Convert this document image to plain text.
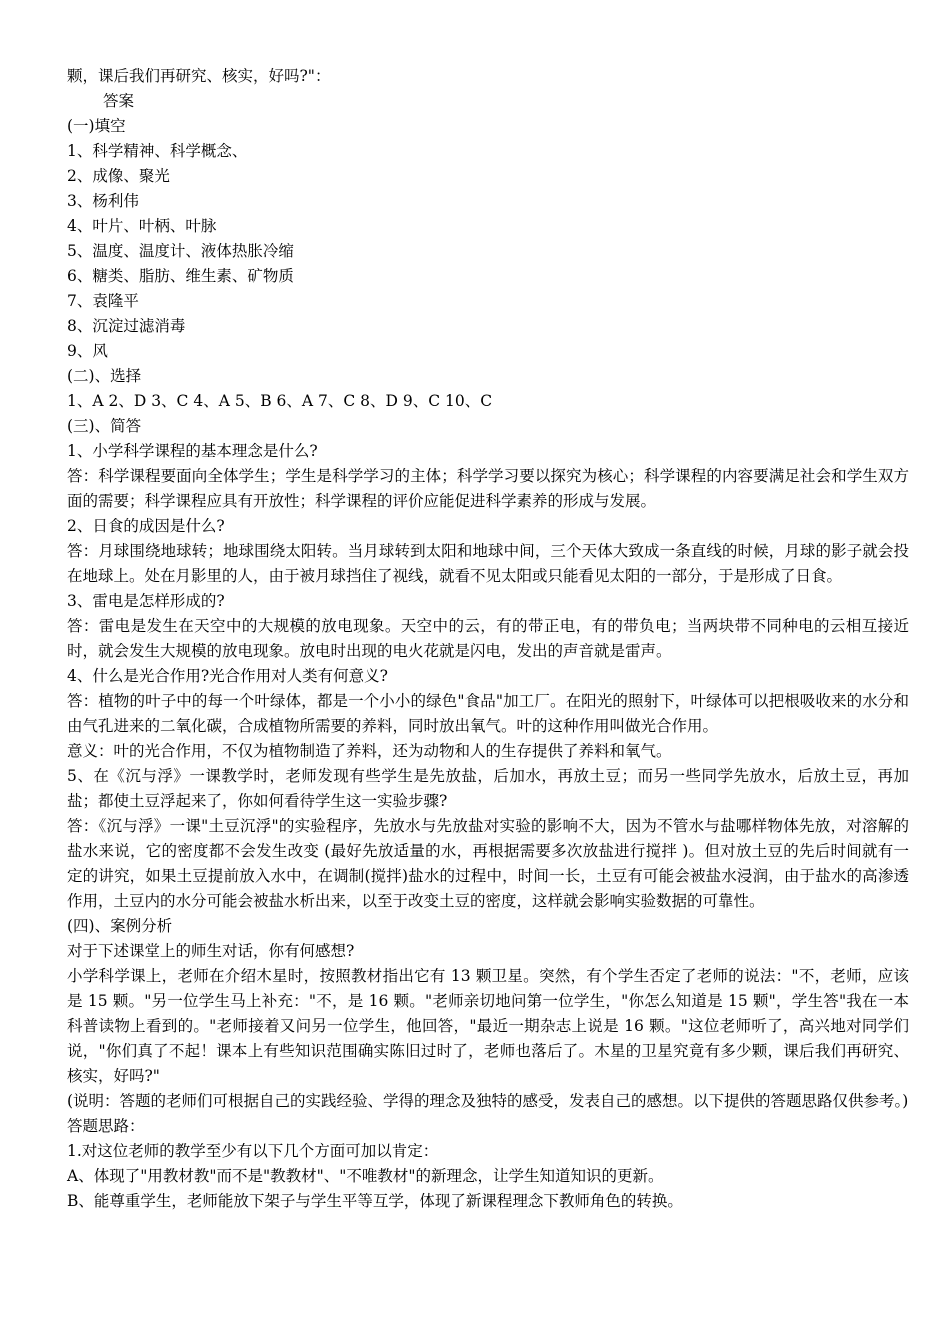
颗，课后我们再研究、核实，好吗?"：

答案

(一)填空

1、科学精神、科学概念、

2、成像、聚光

3、杨利伟

4、叶片、叶柄、叶脉

5、温度、温度计、液体热胀冷缩

6、糖类、脂肪、维生素、矿物质

7、袁隆平

8、沉淀过滤消毒

9、风

(二)、选择

1、A 2、D 3、C 4、A 5、B 6、A 7、C 8、D 9、C 10、C

(三)、简答

1、小学科学课程的基本理念是什么?

答：科学课程要面向全体学生；学生是科学学习的主体；科学学习要以探究为核心；科学课程的内容要满足社会和学生双方面的需要；科学课程应具有开放性；科学课程的评价应能促进科学素养的形成与发展。

2、日食的成因是什么?

答：月球围绕地球转；地球围绕太阳转。当月球转到太阳和地球中间，三个天体大致成一条直线的时候，月球的影子就会投在地球上。处在月影里的人，由于被月球挡住了视线，就看不见太阳或只能看见太阳的一部分，于是形成了日食。

3、雷电是怎样形成的?

答：雷电是发生在天空中的大规模的放电现象。天空中的云，有的带正电，有的带负电；当两块带不同种电的云相互接近时，就会发生大规模的放电现象。放电时出现的电火花就是闪电，发出的声音就是雷声。

4、什么是光合作用?光合作用对人类有何意义?

答：植物的叶子中的每一个叶绿体，都是一个小小的绿色"食品"加工厂。在阳光的照射下，叶绿体可以把根吸收来的水分和由气孔进来的二氧化碳，合成植物所需要的养料，同时放出氧气。叶的这种作用叫做光合作用。

意义：叶的光合作用，不仅为植物制造了养料，还为动物和人的生存提供了养料和氧气。

5、在《沉与浮》一课教学时，老师发现有些学生是先放盐，后加水，再放土豆；而另一些同学先放水，后放土豆，再加盐；都使土豆浮起来了，你如何看待学生这一实验步骤?

答：《沉与浮》一课"土豆沉浮"的实验程序，先放水与先放盐对实验的影响不大，因为不管水与盐哪样物体先放，对溶解的盐水来说，它的密度都不会发生改变 (最好先放适量的水，再根据需要多次放盐进行搅拌 )。但对放土豆的先后时间就有一定的讲究，如果土豆提前放入水中，在调制(搅拌)盐水的过程中，时间一长，土豆有可能会被盐水浸润，由于盐水的高渗透作用，土豆内的水分可能会被盐水析出来，以至于改变土豆的密度，这样就会影响实验数据的可靠性。

(四)、案例分析

对于下述课堂上的师生对话，你有何感想?

小学科学课上，老师在介绍木星时，按照教材指出它有 13 颗卫星。突然，有个学生否定了老师的说法："不，老师，应该是 15 颗。"另一位学生马上补充："不，是 16 颗。"老师亲切地问第一位学生，"你怎么知道是 15 颗"，学生答"我在一本科普读物上看到的。"老师接着又问另一位学生，他回答，"最近一期杂志上说是 16 颗。"这位老师听了，高兴地对同学们说，"你们真了不起！课本上有些知识范围确实陈旧过时了，老师也落后了。木星的卫星究竟有多少颗，课后我们再研究、核实，好吗?"

(说明：答题的老师们可根据自己的实践经验、学得的理念及独特的感受，发表自己的感想。以下提供的答题思路仅供参考。)

答题思路：

1.对这位老师的教学至少有以下几个方面可加以肯定：

A、体现了"用教材教"而不是"教教材"、"不唯教材"的新理念，让学生知道知识的更新。

B、能尊重学生，老师能放下架子与学生平等互学，体现了新课程理念下教师角色的转换。
